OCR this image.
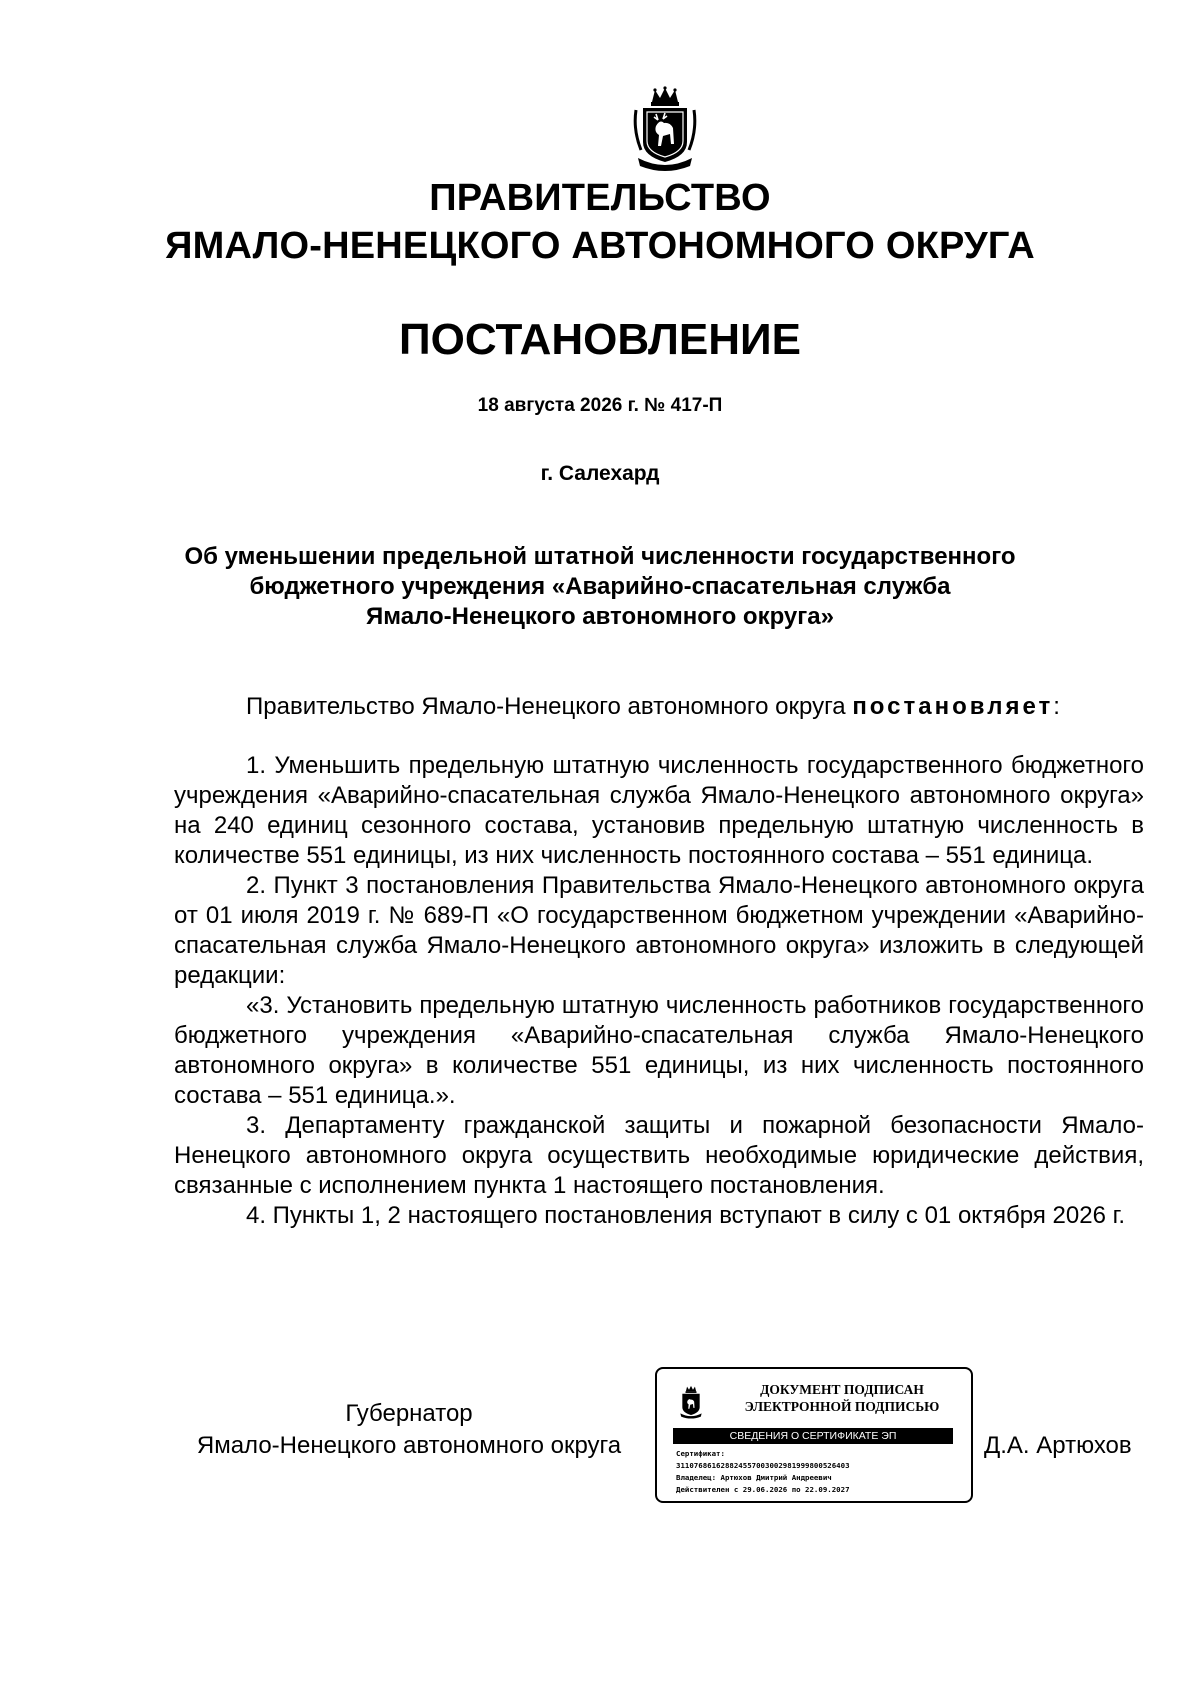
ПРАВИТЕЛЬСТВО
ЯМАЛО-НЕНЕЦКОГО АВТОНОМНОГО ОКРУГА
ПОСТАНОВЛЕНИЕ
18 августа 2026 г. № 417-П
г. Салехард
Об уменьшении предельной штатной численности государственного
бюджетного учреждения «Аварийно-спасательная служба
Ямало-Ненецкого автономного округа»

Правительство Ямало-Ненецкого автономного округа постановляет:

1. Уменьшить предельную штатную численность государственного бюджетного учреждения «Аварийно-спасательная служба Ямало-Ненецкого автономного округа» на 240 единиц сезонного состава, установив предельную штатную численность в количестве 551 единицы, из них численность постоянного состава – 551 единица.

2. Пункт 3 постановления Правительства Ямало-Ненецкого автономного округа от 01 июля 2019 г. № 689-П «О государственном бюджетном учреждении «Аварийно-спасательная служба Ямало-Ненецкого автономного округа» изложить в следующей редакции:

«3. Установить предельную штатную численность работников государственного бюджетного учреждения «Аварийно-спасательная служба Ямало-Ненецкого автономного округа» в количестве 551 единицы, из них численность постоянного состава – 551 единица.».

3. Департаменту гражданской защиты и пожарной безопасности Ямало-Ненецкого автономного округа осуществить необходимые юридические действия, связанные с исполнением пункта 1 настоящего постановления.

4. Пункты 1, 2 настоящего постановления вступают в силу с 01 октября 2026 г.

Губернатор
Ямало-Ненецкого автономного округа
ДОКУМЕНТ ПОДПИСАН
ЭЛЕКТРОННОЙ ПОДПИСЬЮ
СВЕДЕНИЯ О СЕРТИФИКАТЕ ЭП
Сертификат:
311076861628824557003002981999800526403
Владелец: Артюхов Дмитрий Андреевич
Действителен с 29.06.2026 по 22.09.2027
Д.А. Артюхов
